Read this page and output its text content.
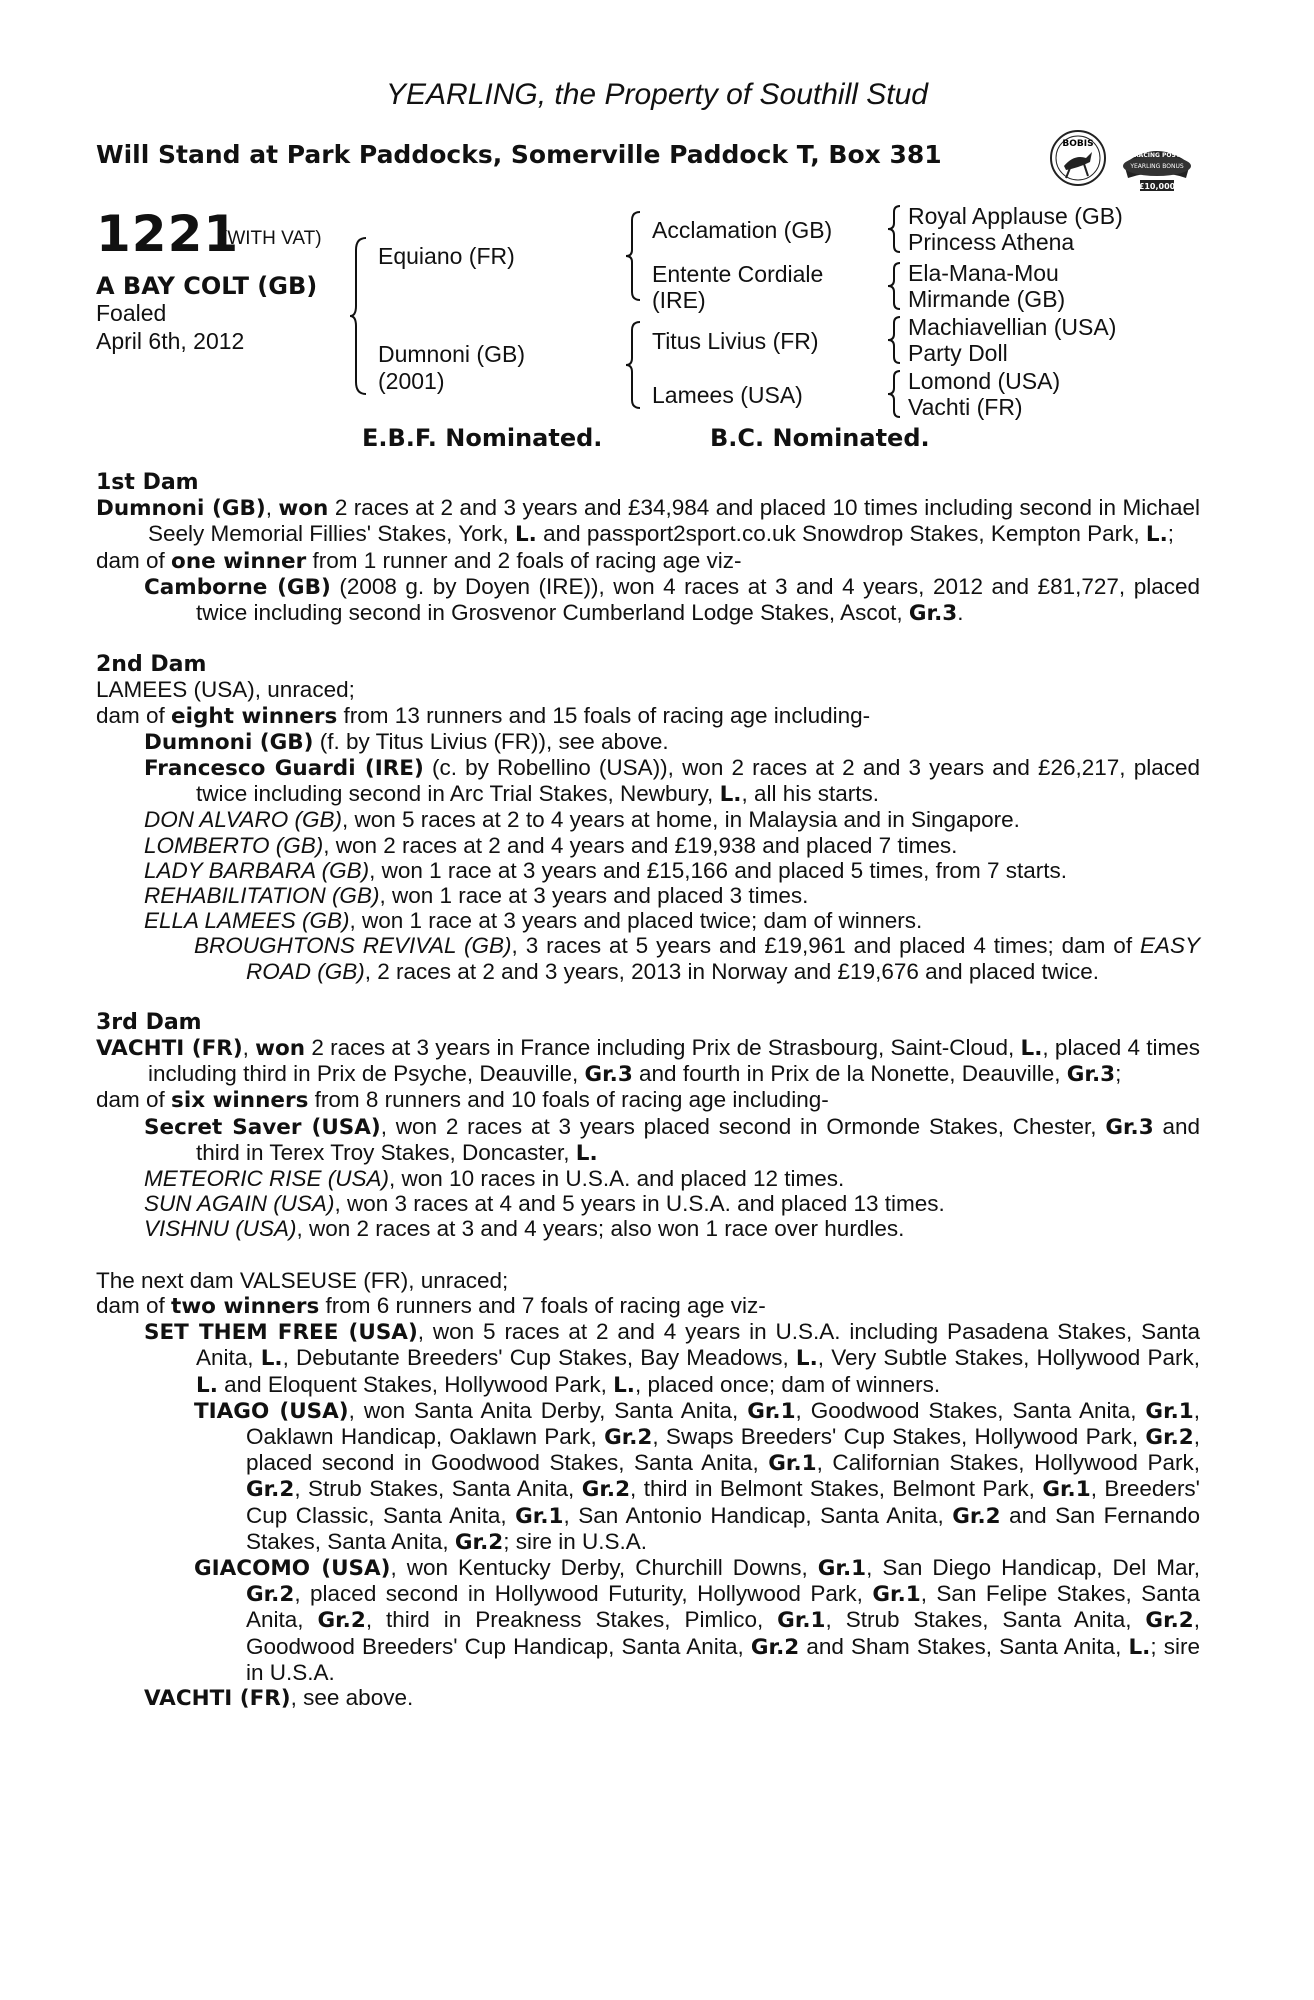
YEARLING, the Property of Southill Stud
Will Stand at Park Paddocks, Somerville Paddock T, Box 381	BOBIS
RACING POST
YEARLING BONUS
£10,000
1221
(WITH VAT)
A BAY COLT (GB)
Foaled
April 6th, 2012
Equiano (FR)
Dumnoni (GB)
(2001)
Acclamation (GB)
Entente Cordiale
(IRE)
Titus Livius (FR)
Lamees (USA)
Royal Applause (GB)
Princess Athena
Ela-Mana-Mou
Mirmande (GB)
Machiavellian (USA)
Party Doll
Lomond (USA)
Vachti (FR)
E.B.F. Nominated.	B.C. Nominated.

1st Dam

Dumnoni (GB), won 2 races at 2 and 3 years and £34,984 and placed 10 times including second in Michael Seely Memorial Fillies' Stakes, York, L. and passport2sport.co.uk Snowdrop Stakes, Kempton Park, L.;

dam of one winner from 1 runner and 2 foals of racing age viz-

Camborne (GB) (2008 g. by Doyen (IRE)), won 4 races at 3 and 4 years, 2012 and £81,727, placed twice including second in Grosvenor Cumberland Lodge Stakes, Ascot, Gr.3.

2nd Dam

LAMEES (USA), unraced;

dam of eight winners from 13 runners and 15 foals of racing age including-

Dumnoni (GB) (f. by Titus Livius (FR)), see above.

Francesco Guardi (IRE) (c. by Robellino (USA)), won 2 races at 2 and 3 years and £26,217, placed twice including second in Arc Trial Stakes, Newbury, L., all his starts.

DON ALVARO (GB), won 5 races at 2 to 4 years at home, in Malaysia and in Singapore.

LOMBERTO (GB), won 2 races at 2 and 4 years and £19,938 and placed 7 times.

LADY BARBARA (GB), won 1 race at 3 years and £15,166 and placed 5 times, from 7 starts.

REHABILITATION (GB), won 1 race at 3 years and placed 3 times.

ELLA LAMEES (GB), won 1 race at 3 years and placed twice; dam of winners.

BROUGHTONS REVIVAL (GB), 3 races at 5 years and £19,961 and placed 4 times; dam of EASY ROAD (GB), 2 races at 2 and 3 years, 2013 in Norway and £19,676 and placed twice.

3rd Dam

VACHTI (FR), won 2 races at 3 years in France including Prix de Strasbourg, Saint-Cloud, L., placed 4 times including third in Prix de Psyche, Deauville, Gr.3 and fourth in Prix de la Nonette, Deauville, Gr.3;

dam of six winners from 8 runners and 10 foals of racing age including-

Secret Saver (USA), won 2 races at 3 years placed second in Ormonde Stakes, Chester, Gr.3 and third in Terex Troy Stakes, Doncaster, L.

METEORIC RISE (USA), won 10 races in U.S.A. and placed 12 times.

SUN AGAIN (USA), won 3 races at 4 and 5 years in U.S.A. and placed 13 times.

VISHNU (USA), won 2 races at 3 and 4 years; also won 1 race over hurdles.

The next dam VALSEUSE (FR), unraced;

dam of two winners from 6 runners and 7 foals of racing age viz-

SET THEM FREE (USA), won 5 races at 2 and 4 years in U.S.A. including Pasadena Stakes, Santa Anita, L., Debutante Breeders' Cup Stakes, Bay Meadows, L., Very Subtle Stakes, Hollywood Park, L. and Eloquent Stakes, Hollywood Park, L., placed once; dam of winners.

TIAGO (USA), won Santa Anita Derby, Santa Anita, Gr.1, Goodwood Stakes, Santa Anita, Gr.1, Oaklawn Handicap, Oaklawn Park, Gr.2, Swaps Breeders' Cup Stakes, Hollywood Park, Gr.2, placed second in Goodwood Stakes, Santa Anita, Gr.1, Californian Stakes, Hollywood Park, Gr.2, Strub Stakes, Santa Anita, Gr.2, third in Belmont Stakes, Belmont Park, Gr.1, Breeders' Cup Classic, Santa Anita, Gr.1, San Antonio Handicap, Santa Anita, Gr.2 and San Fernando Stakes, Santa Anita, Gr.2; sire in U.S.A.

GIACOMO (USA), won Kentucky Derby, Churchill Downs, Gr.1, San Diego Handicap, Del Mar, Gr.2, placed second in Hollywood Futurity, Hollywood Park, Gr.1, San Felipe Stakes, Santa Anita, Gr.2, third in Preakness Stakes, Pimlico, Gr.1, Strub Stakes, Santa Anita, Gr.2, Goodwood Breeders' Cup Handicap, Santa Anita, Gr.2 and Sham Stakes, Santa Anita, L.; sire in U.S.A.

VACHTI (FR), see above.
